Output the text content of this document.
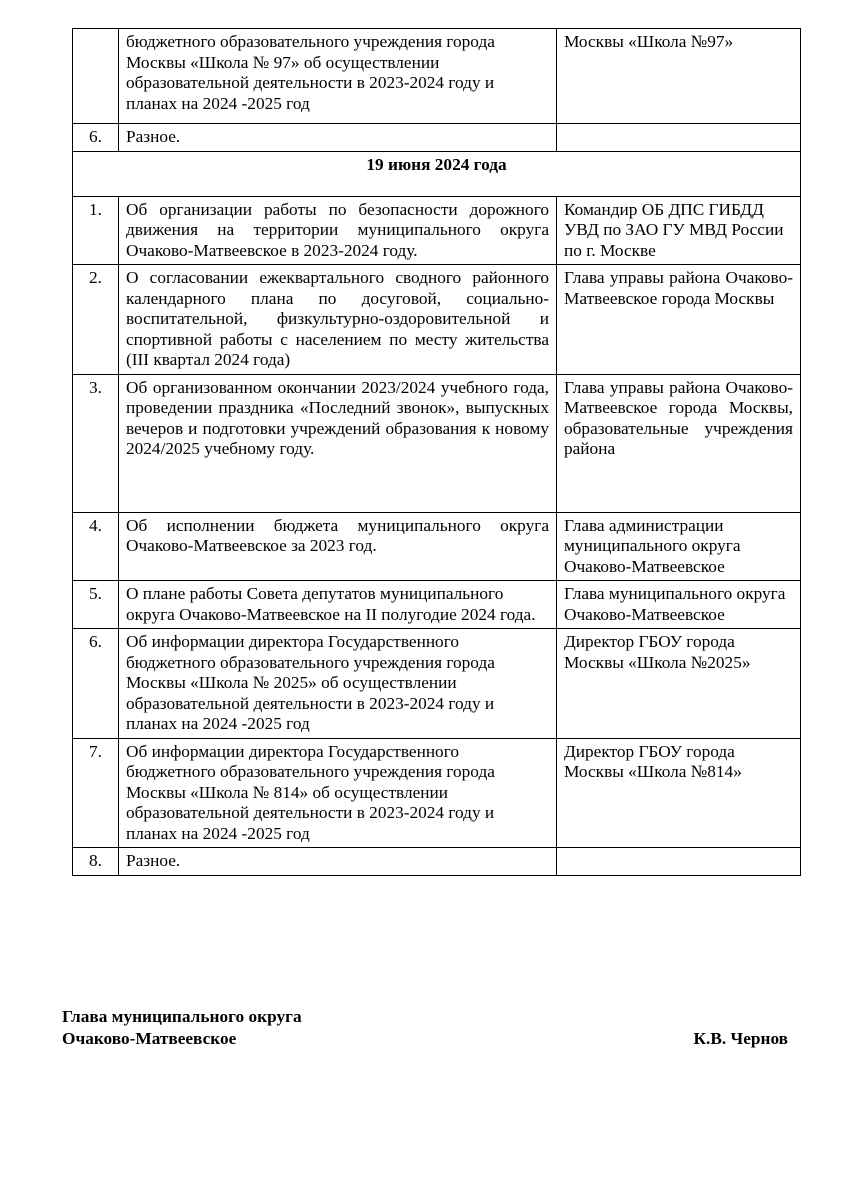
	бюджетного образовательного учреждения города Москвы «Школа № 97» об осуществлении образовательной деятельности в 2023-2024 году и планах на 2024 -2025 год	Москвы «Школа №97»
6.	Разное.	
19 июня 2024 года		
1.	Об организации работы по безопасности дорожного движения на территории муниципального округа Очаково-Матвеевское в 2023-2024 году.	Командир ОБ ДПС ГИБДД УВД по ЗАО ГУ МВД России по г. Москве
2.	О согласовании ежеквартального сводного районного календарного плана по досуговой, социально-воспитательной, физкультурно-оздоровительной и спортивной работы с населением по месту жительства (III квартал 2024 года)	Глава управы района Очаково-Матвеевское города Москвы
3.	Об организованном окончании 2023/2024 учебного года, проведении праздника «Последний звонок», выпускных вечеров и подготовки учреждений образования к новому 2024/2025 учебному году.	Глава управы района Очаково-Матвеевское города Москвы, образовательные учреждения района
4.	Об исполнении бюджета муниципального округа Очаково-Матвеевское за 2023 год.	Глава администрации муниципального округа Очаково-Матвеевское
5.	О плане работы Совета депутатов муниципального округа Очаково-Матвеевское на II полугодие 2024 года.	Глава муниципального округа Очаково-Матвеевское
6.	Об информации директора Государственного бюджетного образовательного учреждения города Москвы «Школа № 2025» об осуществлении образовательной деятельности в 2023-2024 году и планах на 2024 -2025 год	Директор ГБОУ города Москвы «Школа №2025»
7.	Об информации директора Государственного бюджетного образовательного учреждения города Москвы «Школа № 814» об осуществлении образовательной деятельности в 2023-2024 году и планах на 2024 -2025 год	Директор ГБОУ города Москвы «Школа №814»
8.	Разное.	
Глава муниципального округа
Очаково-Матвеевское	К.В. Чернов
